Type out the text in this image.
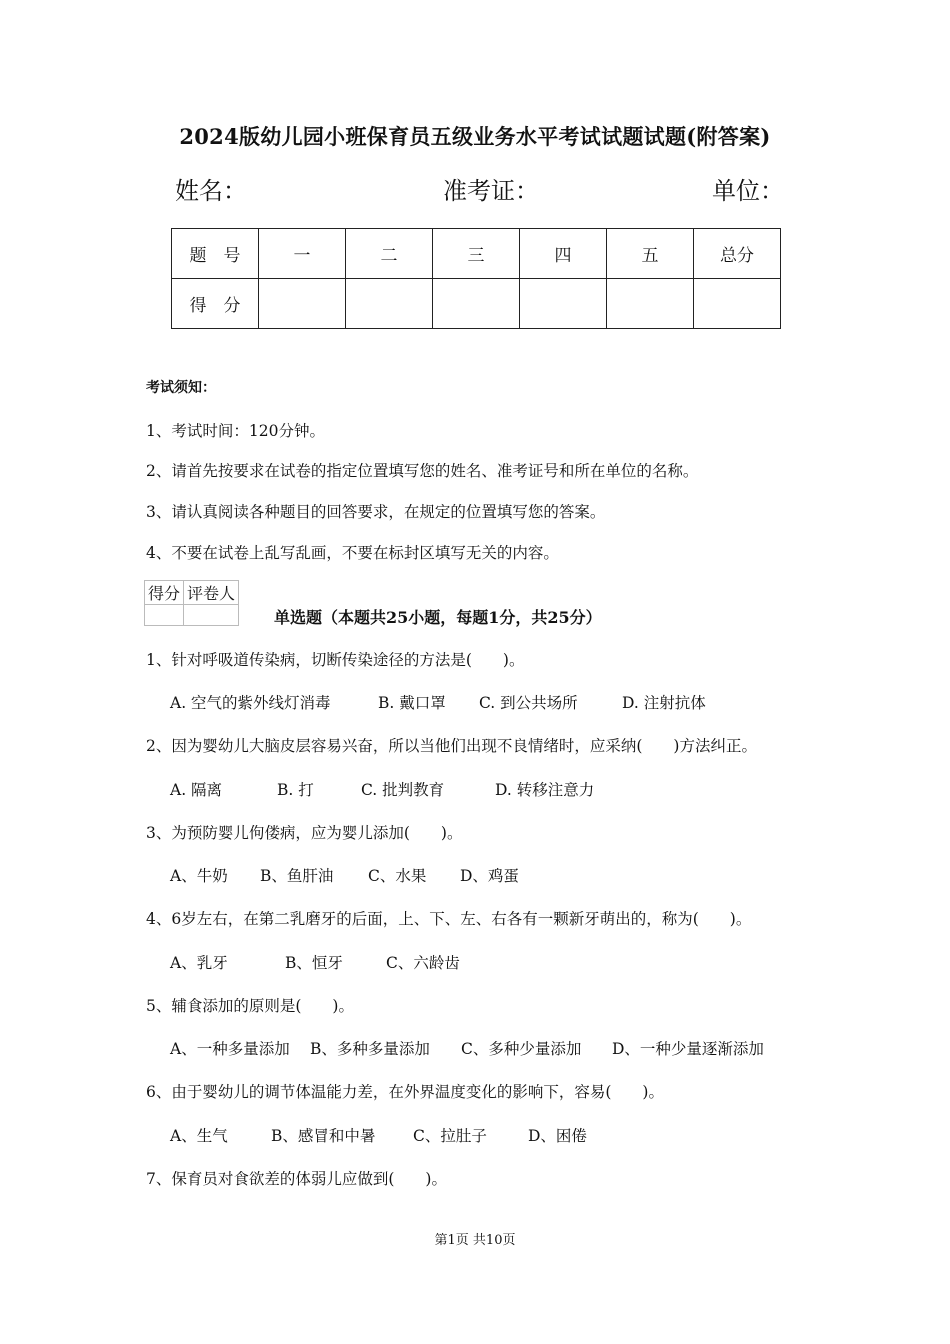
2024版幼儿园小班保育员五级业务水平考试试题试题(附答案)
姓名：	准考证：	单位：
题　号	一	二	三	四	五	总分
得　分						
考试须知：
1、考试时间：120分钟。
2、请首先按要求在试卷的指定位置填写您的姓名、准考证号和所在单位的名称。
3、请认真阅读各种题目的回答要求，在规定的位置填写您的答案。
4、不要在试卷上乱写乱画，不要在标封区填写无关的内容。
得分	评卷人

单选题（本题共25小题，每题1分，共25分）
1、针对呼吸道传染病，切断传染途径的方法是(　　)。
A. 空气的紫外线灯消毒	B. 戴口罩 C. 到公共场所	D. 注射抗体
2、因为婴幼儿大脑皮层容易兴奋，所以当他们出现不良情绪时，应采纳(　　)方法纠正。
A. 隔离	B. 打	C. 批判教育	D. 转移注意力
3、为预防婴儿佝偻病，应为婴儿添加(　　)。
A、牛奶 B、鱼肝油 C、水果 D、鸡蛋
4、6岁左右，在第二乳磨牙的后面，上、下、左、右各有一颗新牙萌出的，称为(　　)。
A、乳牙	B、恒牙	C、六龄齿
5、辅食添加的原则是(　　)。
A、一种多量添加 B、多种多量添加 C、多种少量添加 D、一种少量逐渐添加
6、由于婴幼儿的调节体温能力差，在外界温度变化的影响下，容易(　　)。
A、生气	B、感冒和中暑 C、拉肚子	D、困倦
7、保育员对食欲差的体弱儿应做到(　　)。
第1页 共10页
